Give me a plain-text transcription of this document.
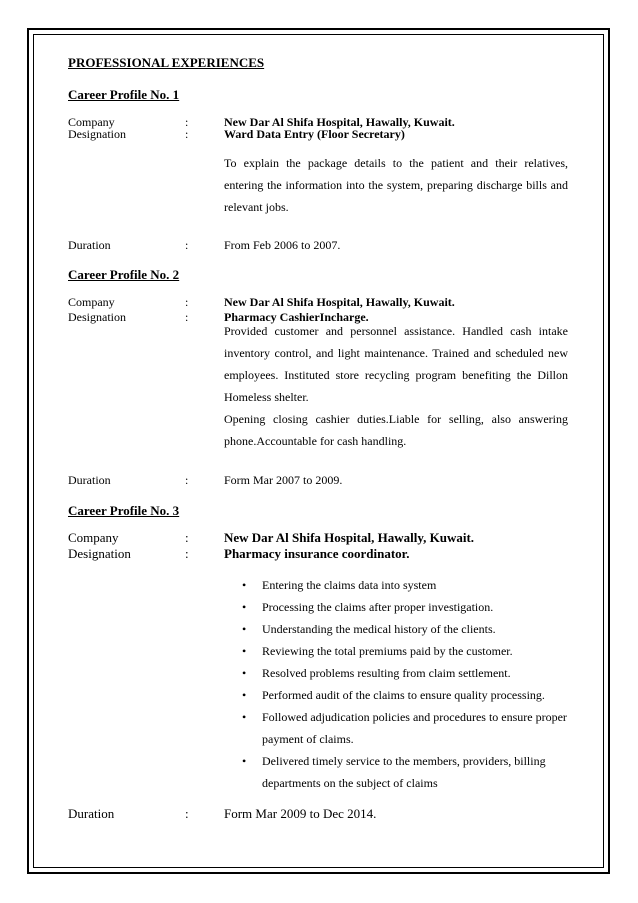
PROFESSIONAL EXPERIENCES
Career Profile No. 1
Company	:	New Dar Al Shifa Hospital, Hawally, Kuwait.
Designation	:	Ward Data Entry (Floor Secretary)
To explain the package details to the patient and their relatives, entering the information into the system, preparing discharge bills and relevant jobs.
Duration	:	From Feb 2006 to 2007.
Career Profile No. 2
Company	:	New Dar Al Shifa Hospital, Hawally, Kuwait.
Designation	:	Pharmacy CashierIncharge.
Provided customer and personnel assistance. Handled cash intake inventory control, and light maintenance. Trained and scheduled new employees. Instituted store recycling program benefiting the Dillon Homeless shelter.
Opening closing cashier duties.Liable for selling, also answering phone.Accountable for cash handling.
Duration	:	Form Mar 2007 to 2009.
Career Profile No. 3
Company	:	New Dar Al Shifa Hospital, Hawally, Kuwait.
Designation	:	Pharmacy insurance coordinator.
• Entering the claims data into system
• Processing the claims after proper investigation.
• Understanding the medical history of the clients.
• Reviewing the total premiums paid by the customer.
• Resolved problems resulting from claim settlement.
• Performed audit of the claims to ensure quality processing.
• Followed adjudication policies and procedures to ensure proper payment of claims.
• Delivered timely service to the members, providers, billing departments on the subject of claims
Duration	:	Form Mar 2009 to Dec 2014.
